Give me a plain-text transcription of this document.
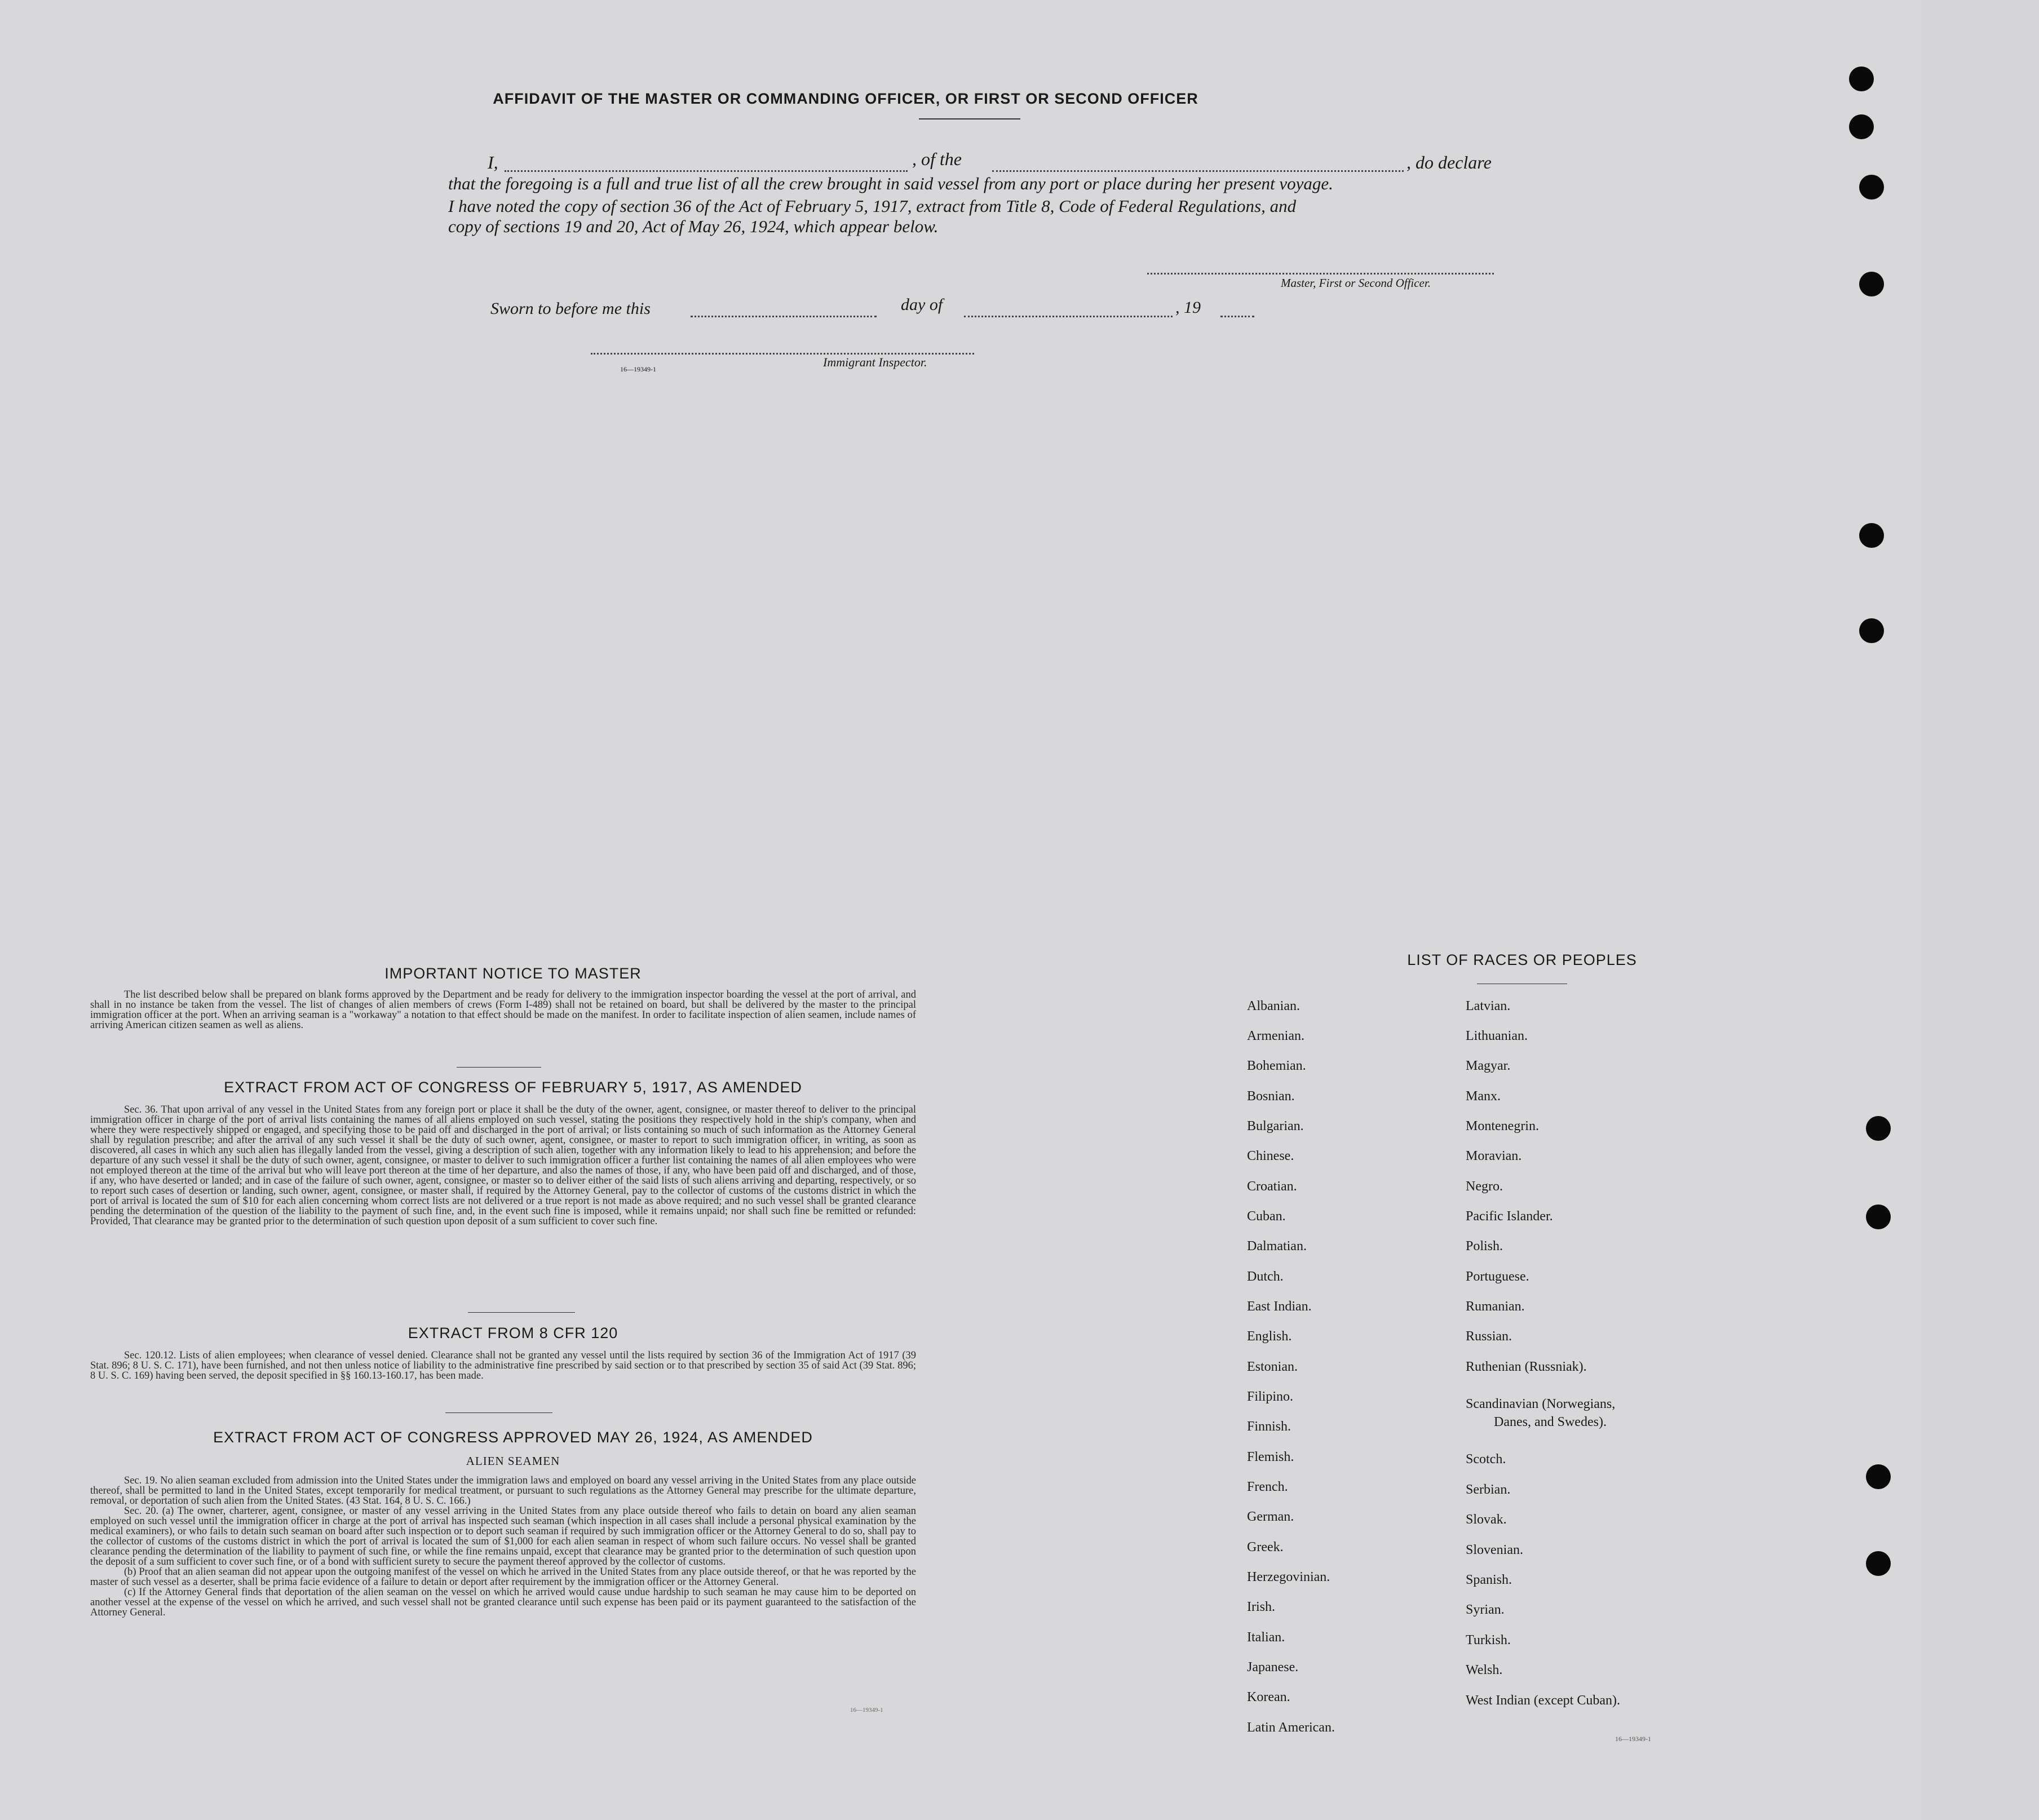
AFFIDAVIT OF THE MASTER OR COMMANDING OFFICER, OR FIRST OR SECOND OFFICER
I,	, of the	, do declare
that the foregoing is a full and true list of all the crew brought in said vessel from any port or place during her present voyage.
I have noted the copy of section 36 of the Act of February 5, 1917, extract from Title 8, Code of Federal Regulations, and
copy of sections 19 and 20, Act of May 26, 1924, which appear below.
Master, First or Second Officer.
Sworn to before me this	day of	, 19
16—19349-1	Immigrant Inspector.
IMPORTANT NOTICE TO MASTER

The list described below shall be prepared on blank forms approved by the Department and be ready for delivery to the immigration inspector boarding the vessel at the port of arrival, and shall in no instance be taken from the vessel. The list of changes of alien members of crews (Form I-489) shall not be retained on board, but shall be delivered by the master to the principal immigration officer at the port. When an arriving seaman is a "workaway" a notation to that effect should be made on the manifest. In order to facilitate inspection of alien seamen, include names of arriving American citizen seamen as well as aliens.

EXTRACT FROM ACT OF CONGRESS OF FEBRUARY 5, 1917, AS AMENDED

Sec. 36. That upon arrival of any vessel in the United States from any foreign port or place it shall be the duty of the owner, agent, consignee, or master thereof to deliver to the principal immigration officer in charge of the port of arrival lists containing the names of all aliens employed on such vessel, stating the positions they respectively hold in the ship's company, when and where they were respectively shipped or engaged, and specifying those to be paid off and discharged in the port of arrival; or lists containing so much of such information as the Attorney General shall by regulation prescribe; and after the arrival of any such vessel it shall be the duty of such owner, agent, consignee, or master to report to such immigration officer, in writing, as soon as discovered, all cases in which any such alien has illegally landed from the vessel, giving a description of such alien, together with any information likely to lead to his apprehension; and before the departure of any such vessel it shall be the duty of such owner, agent, consignee, or master to deliver to such immigration officer a further list containing the names of all alien employees who were not employed thereon at the time of the arrival but who will leave port thereon at the time of her departure, and also the names of those, if any, who have been paid off and discharged, and of those, if any, who have deserted or landed; and in case of the failure of such owner, agent, consignee, or master so to deliver either of the said lists of such aliens arriving and departing, respectively, or so to report such cases of desertion or landing, such owner, agent, consignee, or master shall, if required by the Attorney General, pay to the collector of customs of the customs district in which the port of arrival is located the sum of $10 for each alien concerning whom correct lists are not delivered or a true report is not made as above required; and no such vessel shall be granted clearance pending the determination of the question of the liability to the payment of such fine, and, in the event such fine is imposed, while it remains unpaid; nor shall such fine be remitted or refunded: Provided, That clearance may be granted prior to the determination of such question upon deposit of a sum sufficient to cover such fine.

EXTRACT FROM 8 CFR 120

Sec. 120.12. Lists of alien employees; when clearance of vessel denied. Clearance shall not be granted any vessel until the lists required by section 36 of the Immigration Act of 1917 (39 Stat. 896; 8 U. S. C. 171), have been furnished, and not then unless notice of liability to the administrative fine prescribed by said section or to that prescribed by section 35 of said Act (39 Stat. 896; 8 U. S. C. 169) having been served, the deposit specified in §§ 160.13-160.17, has been made.

EXTRACT FROM ACT OF CONGRESS APPROVED MAY 26, 1924, AS AMENDED
ALIEN SEAMEN

Sec. 19. No alien seaman excluded from admission into the United States under the immigration laws and employed on board any vessel arriving in the United States from any place outside thereof, shall be permitted to land in the United States, except temporarily for medical treatment, or pursuant to such regulations as the Attorney General may prescribe for the ultimate departure, removal, or deportation of such alien from the United States. (43 Stat. 164, 8 U. S. C. 166.)

Sec. 20. (a) The owner, charterer, agent, consignee, or master of any vessel arriving in the United States from any place outside thereof who fails to detain on board any alien seaman employed on such vessel until the immigration officer in charge at the port of arrival has inspected such seaman (which inspection in all cases shall include a personal physical examination by the medical examiners), or who fails to detain such seaman on board after such inspection or to deport such seaman if required by such immigration officer or the Attorney General to do so, shall pay to the collector of customs of the customs district in which the port of arrival is located the sum of $1,000 for each alien seaman in respect of whom such failure occurs. No vessel shall be granted clearance pending the determination of the liability to payment of such fine, or while the fine remains unpaid, except that clearance may be granted prior to the determination of such question upon the deposit of a sum sufficient to cover such fine, or of a bond with sufficient surety to secure the payment thereof approved by the collector of customs.

(b) Proof that an alien seaman did not appear upon the outgoing manifest of the vessel on which he arrived in the United States from any place outside thereof, or that he was reported by the master of such vessel as a deserter, shall be prima facie evidence of a failure to detain or deport after requirement by the immigration officer or the Attorney General.

(c) If the Attorney General finds that deportation of the alien seaman on the vessel on which he arrived would cause undue hardship to such seaman he may cause him to be deported on another vessel at the expense of the vessel on which he arrived, and such vessel shall not be granted clearance until such expense has been paid or its payment guaranteed to the satisfaction of the Attorney General.

16—19349-1
LIST OF RACES OR PEOPLES
Albanian.
Armenian.
Bohemian.
Bosnian.
Bulgarian.
Chinese.
Croatian.
Cuban.
Dalmatian.
Dutch.
East Indian.
English.
Estonian.
Filipino.
Finnish.
Flemish.
French.
German.
Greek.
Herzegovinian.
Irish.
Italian.
Japanese.
Korean.
Latin American.
Latvian.
Lithuanian.
Magyar.
Manx.
Montenegrin.
Moravian.
Negro.
Pacific Islander.
Polish.
Portuguese.
Rumanian.
Russian.
Ruthenian (Russniak).
Scandinavian (Norwegians,
Danes, and Swedes).
Scotch.
Serbian.
Slovak.
Slovenian.
Spanish.
Syrian.
Turkish.
Welsh.
West Indian (except Cuban).
16—19349-1
